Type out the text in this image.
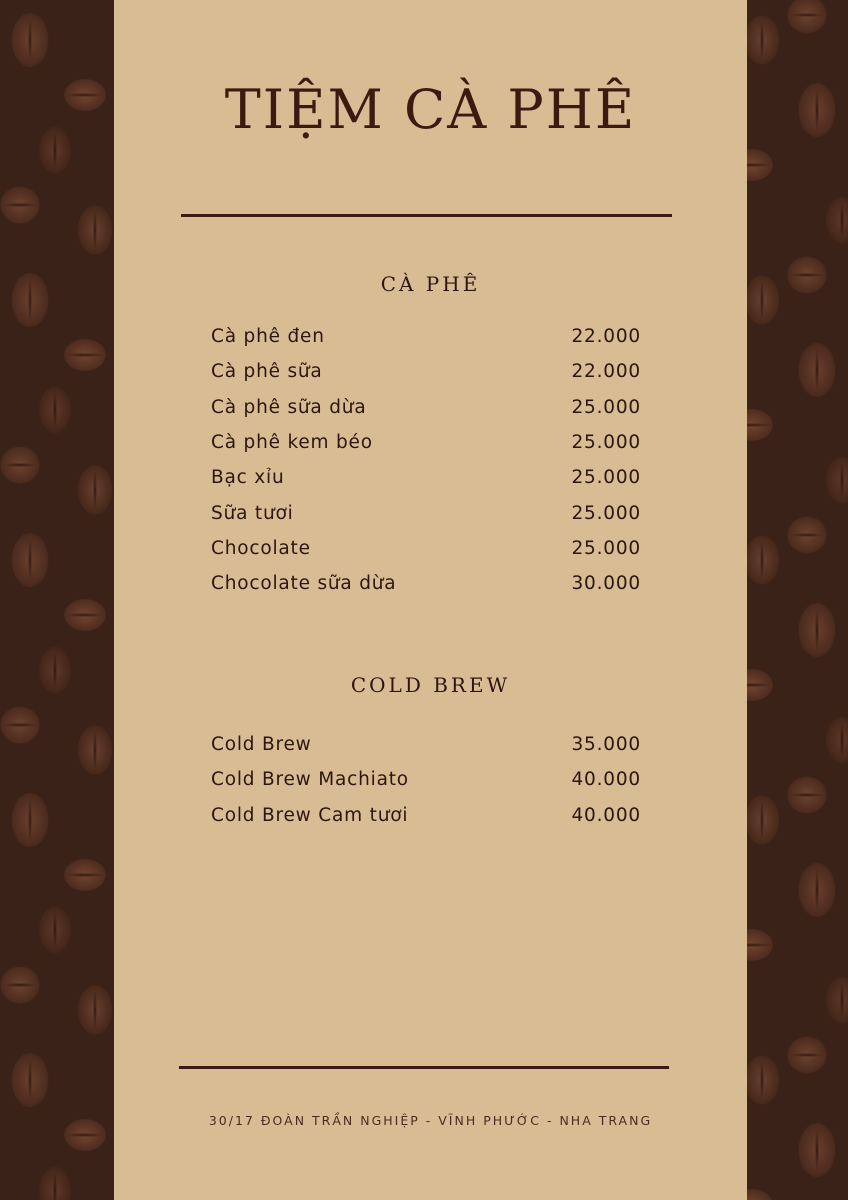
TIỆM CÀ PHÊ
CÀ PHÊ
Cà phê đen	22.000
Cà phê sữa	22.000
Cà phê sữa dừa	25.000
Cà phê kem béo	25.000
Bạc xỉu	25.000
Sữa tươi	25.000
Chocolate	25.000
Chocolate sữa dừa	30.000
COLD BREW
Cold Brew	35.000
Cold Brew Machiato	40.000
Cold Brew Cam tươi	40.000
30/17 ĐOÀN TRẦN NGHIỆP - VĨNH PHƯỚC - NHA TRANG
